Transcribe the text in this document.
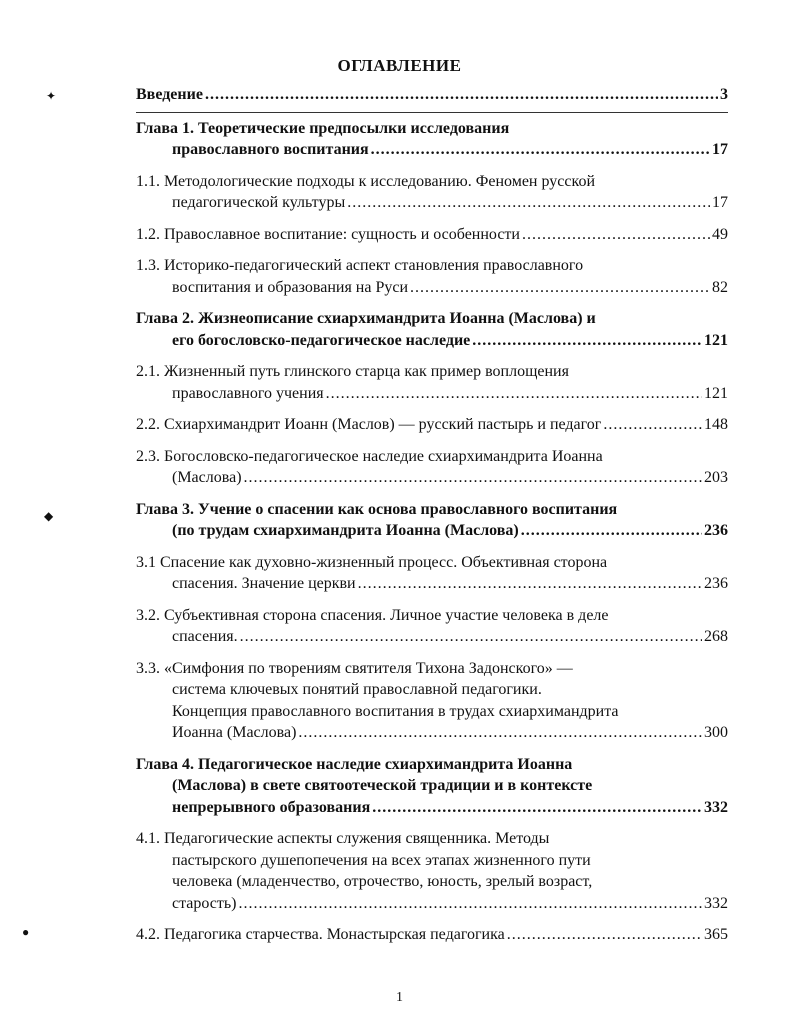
ОГЛАВЛЕНИЕ
✦
◆
●
Введение .....	3
Глава 1. Теоретические предпосылки исследования
православного воспитания .....	17
1.1. Методологические подходы к исследованию. Феномен русской
педагогической культуры .....	17
1.2. Православное воспитание: сущность и особенности .....	49
1.3. Историко-педагогический аспект становления православного
воспитания и образования на Руси .....	82
Глава 2. Жизнеописание схиархимандрита Иоанна (Маслова) и
его богословско-педагогическое наследие .....	121
2.1. Жизненный путь глинского старца как пример воплощения
православного учения .....	121
2.2. Схиархимандрит Иоанн (Маслов) — русский пастырь и педагог .....	148
2.3. Богословско-педагогическое наследие схиархимандрита Иоанна
(Маслова) .....	203
Глава 3. Учение о спасении как основа православного воспитания
(по трудам схиархимандрита Иоанна (Маслова) .....	236
3.1 Спасение как духовно-жизненный процесс. Объективная сторона
спасения. Значение церкви .....	236
3.2. Субъективная сторона спасения. Личное участие человека в деле
спасения. .....	268
3.3. «Симфония по творениям святителя Тихона Задонского» —
система ключевых понятий православной педагогики.
Концепция православного воспитания в трудах схиархимандрита
Иоанна (Маслова) .....	300
Глава 4. Педагогическое наследие схиархимандрита Иоанна
(Маслова) в свете святоотеческой традиции и в контексте
непрерывного образования .....	332
4.1. Педагогические аспекты служения священника. Методы
пастырского душепопечения на всех этапах жизненного пути
человека (младенчество, отрочество, юность, зрелый возраст,
старость) .....	332
4.2. Педагогика старчества. Монастырская педагогика .....	365
1
